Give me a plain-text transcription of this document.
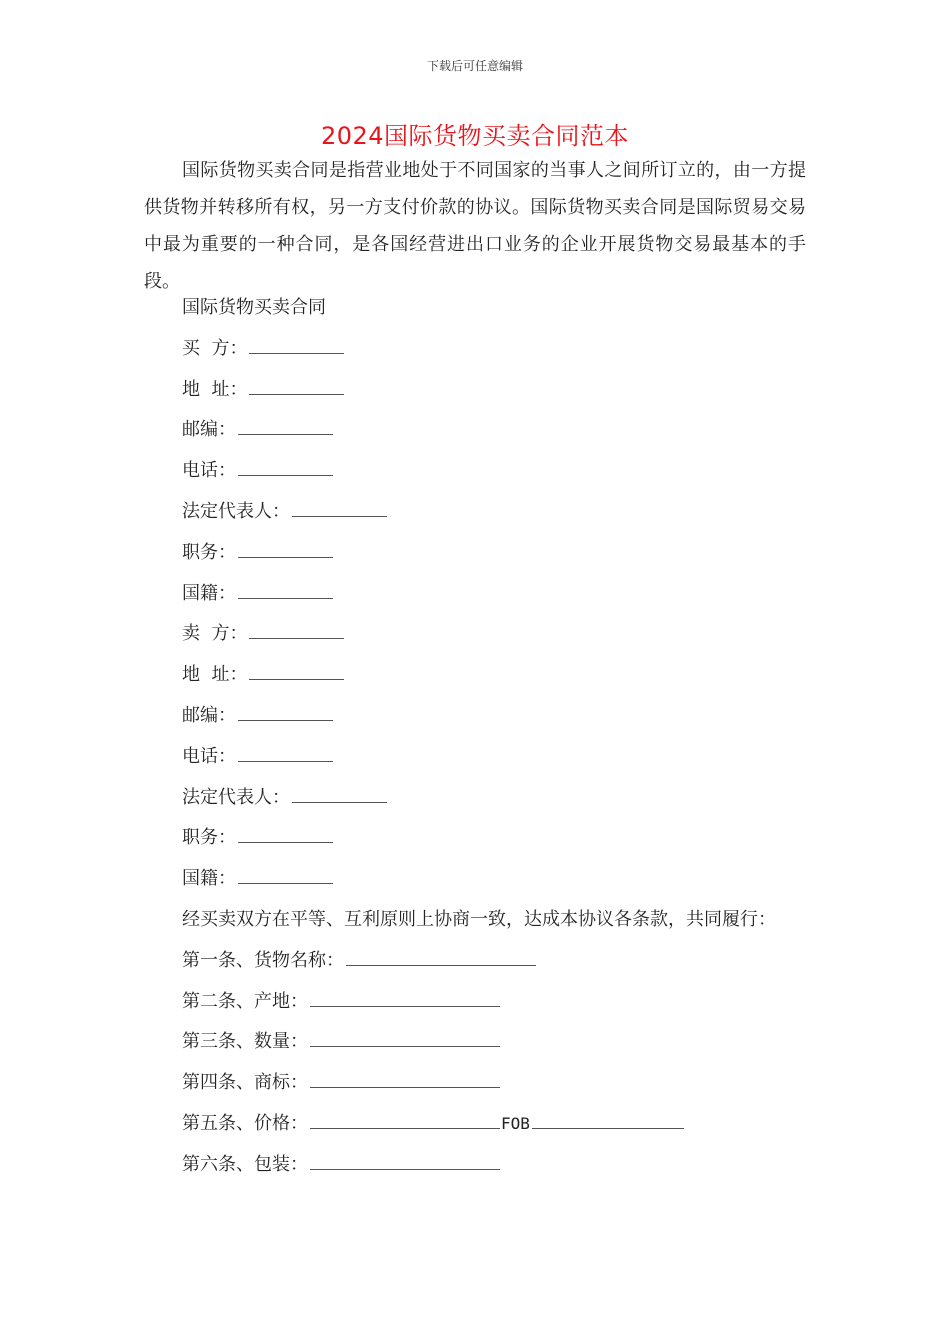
下载后可任意编辑
2024国际货物买卖合同范本

国际货物买卖合同是指营业地处于不同国家的当事人之间所订立的，由一方提供货物并转移所有权，另一方支付价款的协议。国际货物买卖合同是国际贸易交易中最为重要的一种合同，是各国经营进出口业务的企业开展货物交易最基本的手段。

国际货物买卖合同
买  方：
地  址：
邮编：
电话：
法定代表人：
职务：
国籍：
卖  方：
地  址：
邮编：
电话：
法定代表人：
职务：
国籍：
经买卖双方在平等、互利原则上协商一致，达成本协议各条款，共同履行：
第一条、货物名称：
第二条、产地：
第三条、数量：
第四条、商标：
第五条、价格：	FOB
第六条、包装：
